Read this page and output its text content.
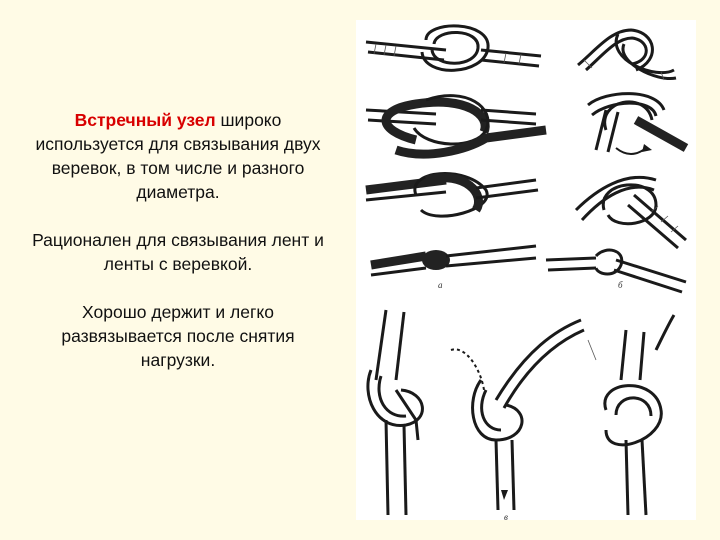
Встречный узел широко используется для связывания двух веревок, в том числе и разного диаметра.

Рационален для связывания лент и ленты с веревкой.

Хорошо держит и легко развязывается после снятия нагрузки.

а	б
в
